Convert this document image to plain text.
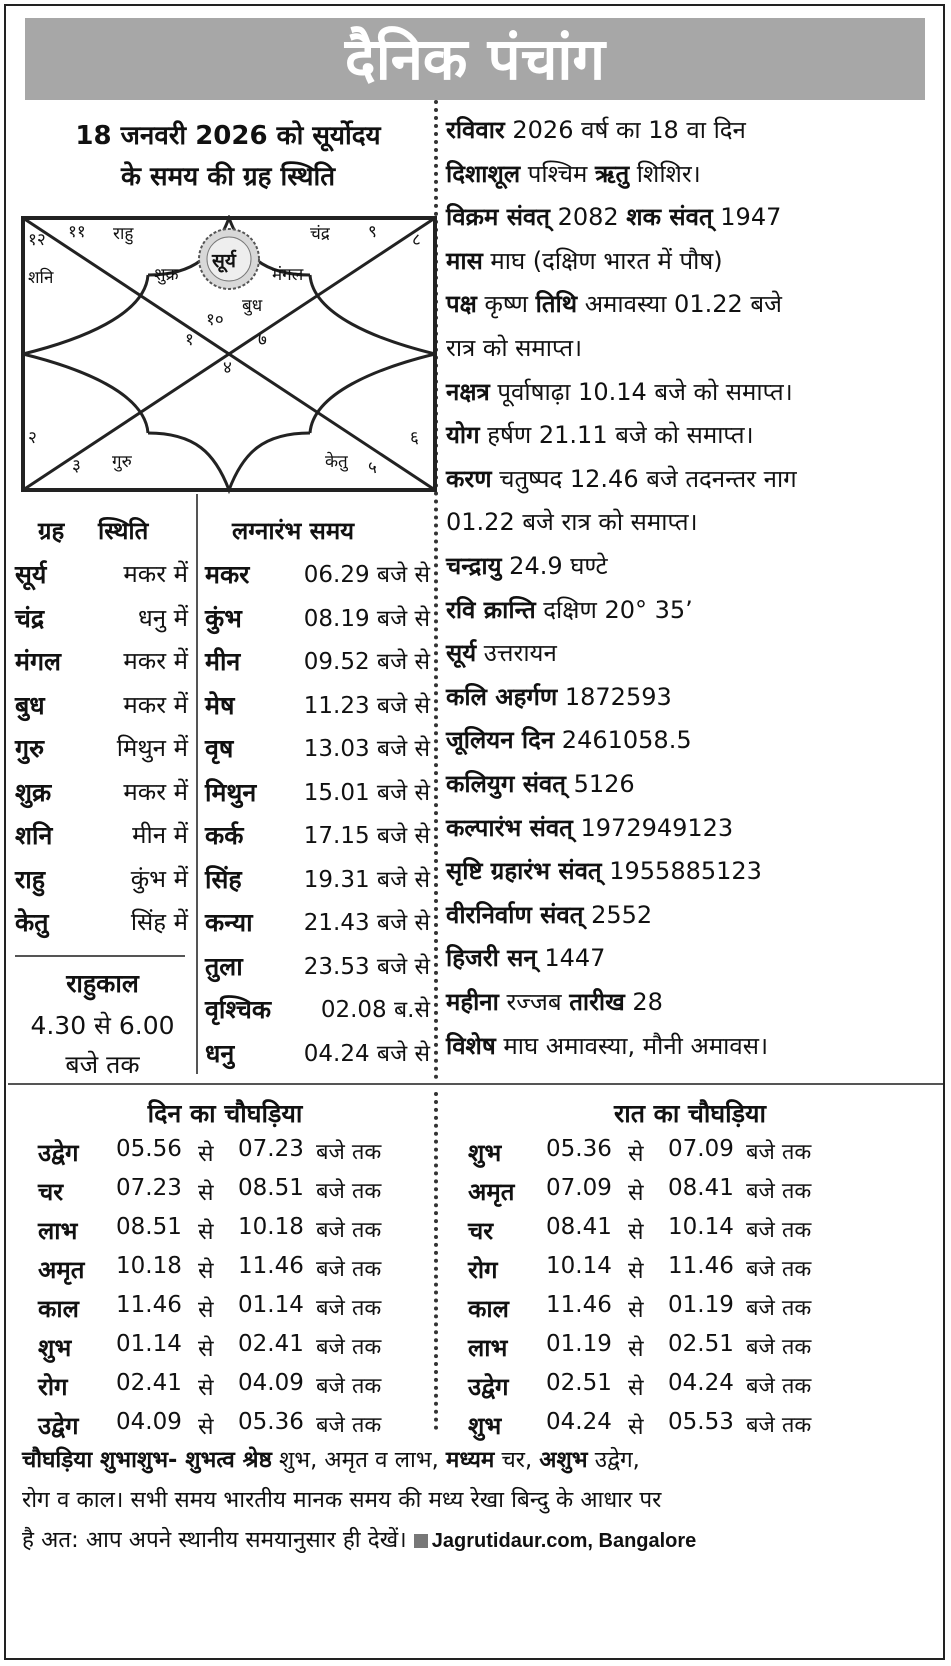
दैनिक पंचांग
18 जनवरी 2026 को सूर्योदय
के समय की ग्रह स्थिति
११ राहु	चंद्र ९
१२	८
शनि	शुक्र
सूर्य
मंगल
बुध
१०
१	७
४
२	६
३ गुरु	केतु ५
ग्रह स्थिति	लग्नारंभ समय
सूर्य	मकर में
चंद्र	धनु में
मंगल	मकर में
बुध	मकर में
गुरु	मिथुन में
शुक्र	मकर में
शनि	मीन में
राहु	कुंभ में
केतु	सिंह में
मकर	06.29 बजे से
कुंभ	08.19 बजे से
मीन	09.52 बजे से
मेष	11.23 बजे से
वृष	13.03 बजे से
मिथुन	15.01 बजे से
कर्क	17.15 बजे से
सिंह	19.31 बजे से
कन्या	21.43 बजे से
तुला	23.53 बजे से
वृश्चिक	02.08 ब.से
धनु	04.24 बजे से
राहुकाल
4.30 से 6.00
बजे तक
रविवार 2026 वर्ष का 18 वा दिन
दिशाशूल पश्चिम ऋतु शिशिर।
विक्रम संवत् 2082 शक संवत् 1947
मास माघ (दक्षिण भारत में पौष)
पक्ष कृष्ण तिथि अमावस्या 01.22 बजे
रात्र को समाप्त।
नक्षत्र पूर्वाषाढ़ा 10.14 बजे को समाप्त।
योग हर्षण 21.11 बजे को समाप्त।
करण चतुष्पद 12.46 बजे तदनन्तर नाग
01.22 बजे रात्र को समाप्त।
चन्द्रायु 24.9 घण्टे
रवि क्रान्ति दक्षिण 20° 35’
सूर्य उत्तरायन
कलि अहर्गण 1872593
जूलियन दिन 2461058.5
कलियुग संवत् 5126
कल्पारंभ संवत् 1972949123
सृष्टि ग्रहारंभ संवत् 1955885123
वीरनिर्वाण संवत् 2552
हिजरी सन् 1447
महीना रज्जब तारीख 28
विशेष माघ अमावस्या, मौनी अमावस।
दिन का चौघड़िया	रात का चौघड़िया
उद्वेग 05.56 से 07.23 बजे तक
चर 07.23 से 08.51 बजे तक
लाभ 08.51 से 10.18 बजे तक
अमृत 10.18 से 11.46 बजे तक
काल 11.46 से 01.14 बजे तक
शुभ 01.14 से 02.41 बजे तक
रोग 02.41 से 04.09 बजे तक
उद्वेग 04.09 से 05.36 बजे तक
शुभ 05.36 से 07.09 बजे तक
अमृत 07.09 से 08.41 बजे तक
चर 08.41 से 10.14 बजे तक
रोग 10.14 से 11.46 बजे तक
काल 11.46 से 01.19 बजे तक
लाभ 01.19 से 02.51 बजे तक
उद्वेग 02.51 से 04.24 बजे तक
शुभ 04.24 से 05.53 बजे तक
चौघड़िया शुभाशुभ- शुभत्व श्रेष्ठ शुभ, अमृत व लाभ, मध्यम चर, अशुभ उद्वेग,
रोग व काल। सभी समय भारतीय मानक समय की मध्य रेखा बिन्दु के आधार पर
है अत: आप अपने स्थानीय समयानुसार ही देखें। Jagrutidaur.com, Bangalore
